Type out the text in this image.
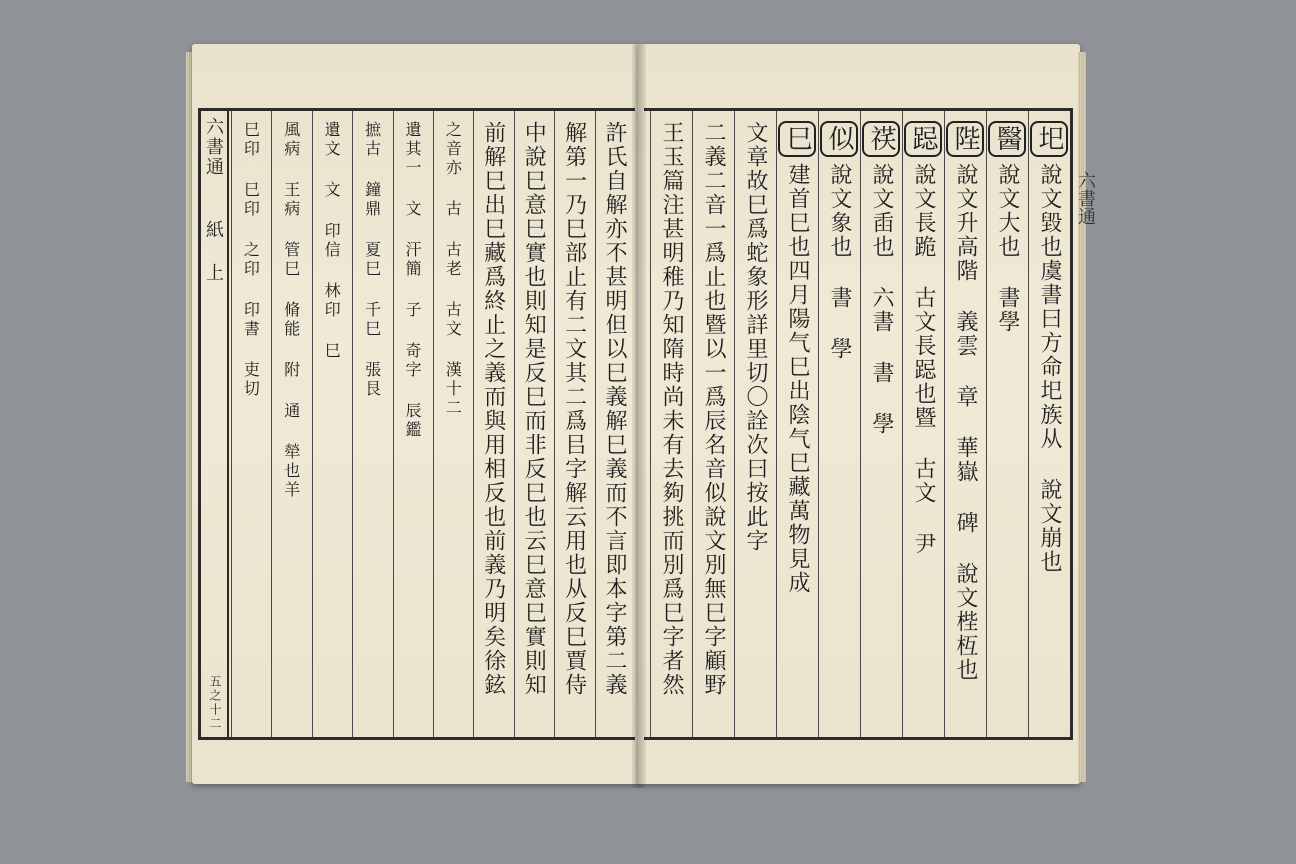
六書通 紙 上
五之十二
許氏自解亦不甚明但以巳義解巳義而不言即本字第二義
解第一乃巳部止有二文其二爲㠯字解云用也从反巳賈侍
中說巳意巳實也則知是反巳而非反巳也云巳意巳實則知
前解巳出巳藏爲終止之義而與用相反也前義乃明矣徐鉉
之音亦 古 古老 古文 漢十二
遺其一 文 汗簡 子 奇字 辰鑑
摭古 鐘鼎 夏巳 千巳 張艮
遺文 文 印信 林印 巳
風病 王病 管巳 脩能 附 通 犖也羊
巳印 巳印 之印 印書 吏切	圯說文毀也虞書曰方命圯族从 說文崩也
醫說文大也 書學
陛說文升高階 義雲 章 華嶽 碑 說文梐枑也
跽說文長跪 古文長跽也暨 古文 尹
䄏說文臿也 六書 書 學
似說文象也 書 學
巳建首巳也四月陽气巳出陰气巳藏萬物見成
文章故巳爲蛇象形詳里切〇詮次曰按此字
二義二音一爲止也暨以一爲辰名音似說文別無巳字顧野
王玉篇注甚明稚乃知隋時尚未有去夠挑而別爲巳字者然	六書通
